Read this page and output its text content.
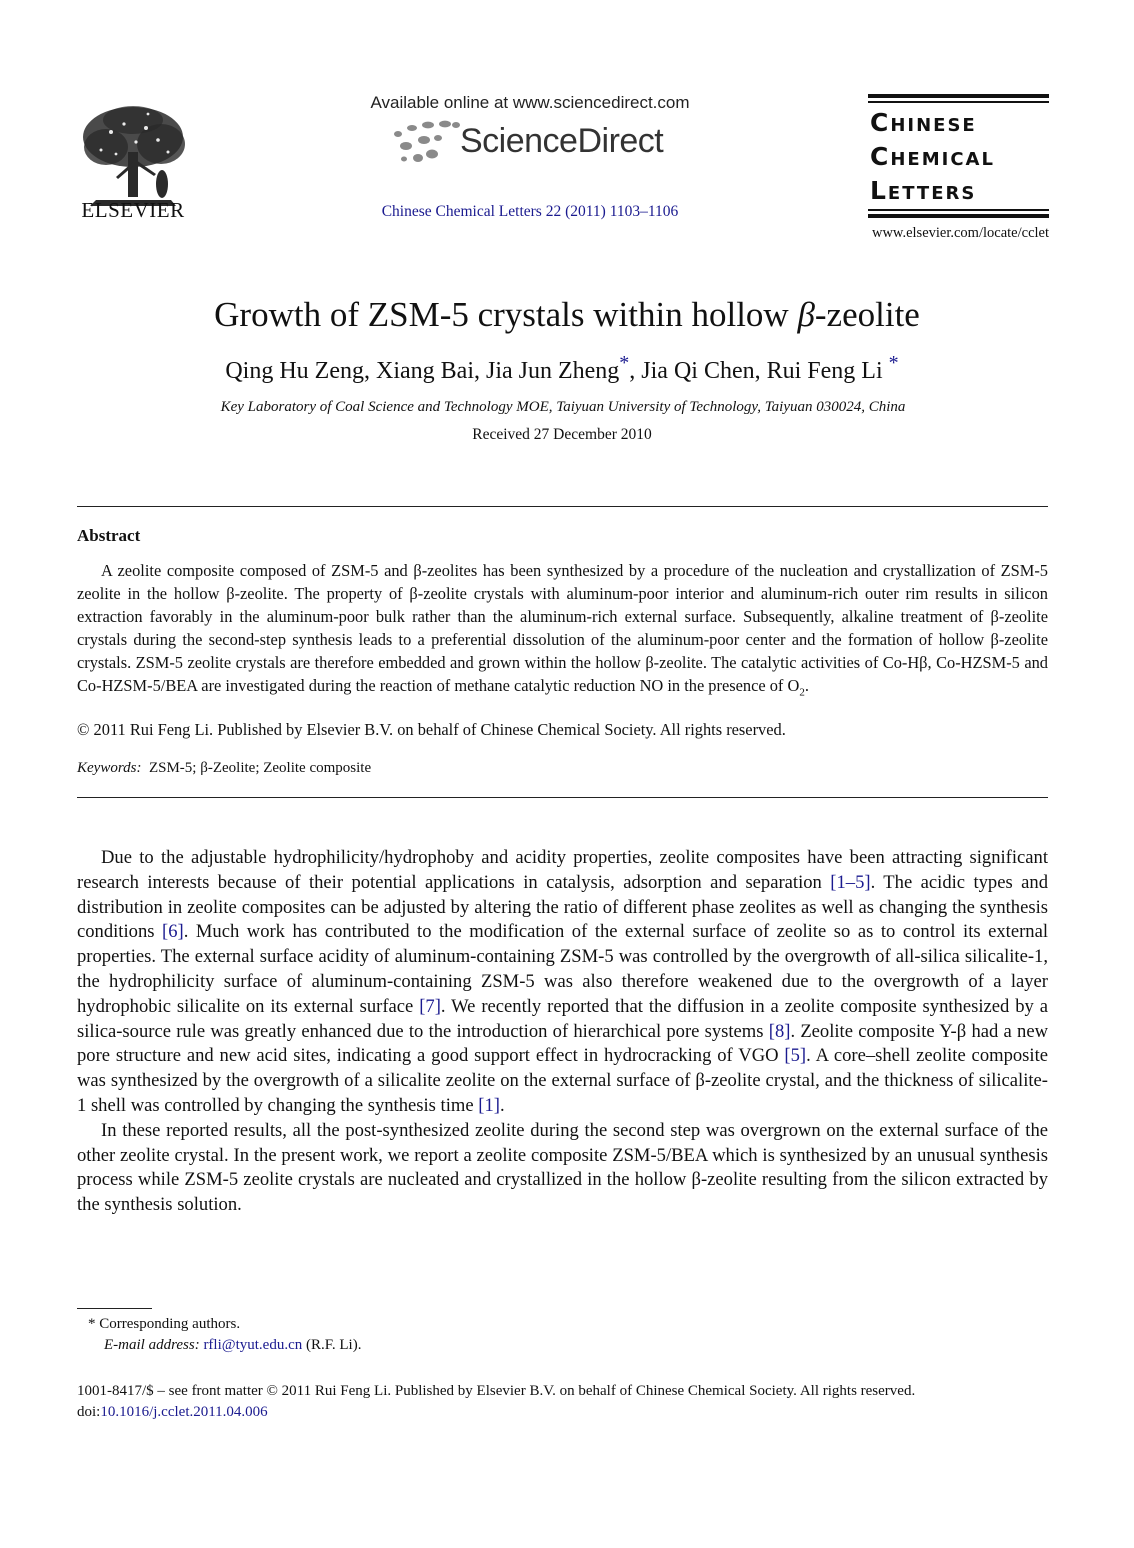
ELSEVIER
Available online at www.sciencedirect.com
ScienceDirect
Chinese Chemical Letters 22 (2011) 1103–1106
Chinese
Chemical
Letters
www.elsevier.com/locate/cclet
Growth of ZSM-5 crystals within hollow β-zeolite
Qing Hu Zeng, Xiang Bai, Jia Jun Zheng*, Jia Qi Chen, Rui Feng Li *
Key Laboratory of Coal Science and Technology MOE, Taiyuan University of Technology, Taiyuan 030024, China
Received 27 December 2010
Abstract

A zeolite composite composed of ZSM-5 and β-zeolites has been synthesized by a procedure of the nucleation and crystallization of ZSM-5 zeolite in the hollow β-zeolite. The property of β-zeolite crystals with aluminum-poor interior and aluminum-rich outer rim results in silicon extraction favorably in the aluminum-poor bulk rather than the aluminum-rich external surface. Subsequently, alkaline treatment of β-zeolite crystals during the second-step synthesis leads to a preferential dissolution of the aluminum-poor center and the formation of hollow β-zeolite crystals. ZSM-5 zeolite crystals are therefore embedded and grown within the hollow β-zeolite. The catalytic activities of Co-Hβ, Co-HZSM-5 and Co-HZSM-5/BEA are investigated during the reaction of methane catalytic reduction NO in the presence of $O_2$.

© 2011 Rui Feng Li. Published by Elsevier B.V. on behalf of Chinese Chemical Society. All rights reserved.
Keywords: ZSM-5; β-Zeolite; Zeolite composite

Due to the adjustable hydrophilicity/hydrophoby and acidity properties, zeolite composites have been attracting significant research interests because of their potential applications in catalysis, adsorption and separation [1–5]. The acidic types and distribution in zeolite composites can be adjusted by altering the ratio of different phase zeolites as well as changing the synthesis conditions [6]. Much work has contributed to the modification of the external surface of zeolite so as to control its external properties. The external surface acidity of aluminum-containing ZSM-5 was controlled by the overgrowth of all-silica silicalite-1, the hydrophilicity surface of aluminum-containing ZSM-5 was also therefore weakened due to the overgrowth of a layer hydrophobic silicalite on its external surface [7]. We recently reported that the diffusion in a zeolite composite synthesized by a silica-source rule was greatly enhanced due to the introduction of hierarchical pore systems [8]. Zeolite composite Y-β had a new pore structure and new acid sites, indicating a good support effect in hydrocracking of VGO [5]. A core–shell zeolite composite was synthesized by the overgrowth of a silicalite zeolite on the external surface of β-zeolite crystal, and the thickness of silicalite-1 shell was controlled by changing the synthesis time [1].

In these reported results, all the post-synthesized zeolite during the second step was overgrown on the external surface of the other zeolite crystal. In the present work, we report a zeolite composite ZSM-5/BEA which is synthesized by an unusual synthesis process while ZSM-5 zeolite crystals are nucleated and crystallized in the hollow β-zeolite resulting from the silicon extracted by the synthesis solution.

* Corresponding authors.
E-mail address: rfli@tyut.edu.cn (R.F. Li).
1001-8417/$ – see front matter © 2011 Rui Feng Li. Published by Elsevier B.V. on behalf of Chinese Chemical Society. All rights reserved.
doi:10.1016/j.cclet.2011.04.006
